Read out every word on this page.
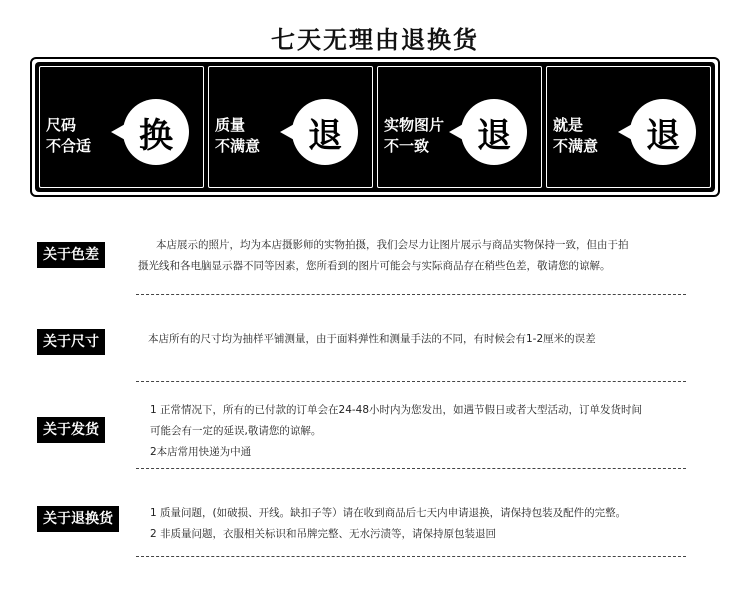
七天无理由退换货
尺码
不合适 换	质量
不满意 退	实物图片
不一致	退	就是
不满意 退
关于色差

本店展示的照片，均为本店摄影师的实物拍摄，我们会尽力让图片展示与商品实物保持一致，但由于拍

摄光线和各电脑显示器不同等因素，您所看到的图片可能会与实际商品存在稍些色差，敬请您的谅解。

关于尺寸	本店所有的尺寸均为抽样平铺测量，由于面料弹性和测量手法的不同，有时候会有1-2厘米的误差

关于发货

1 正常情况下，所有的已付款的订单会在24-48小时内为您发出，如遇节假日或者大型活动，订单发货时间

可能会有一定的延误,敬请您的谅解。

2本店常用快递为中通

关于退换货	1 质量问题，(如破损、开线。缺扣子等）请在收到商品后七天内申请退换，请保持包装及配件的完整。

2 非质量问题，衣服相关标识和吊牌完整、无水污渍等，请保持原包装退回
